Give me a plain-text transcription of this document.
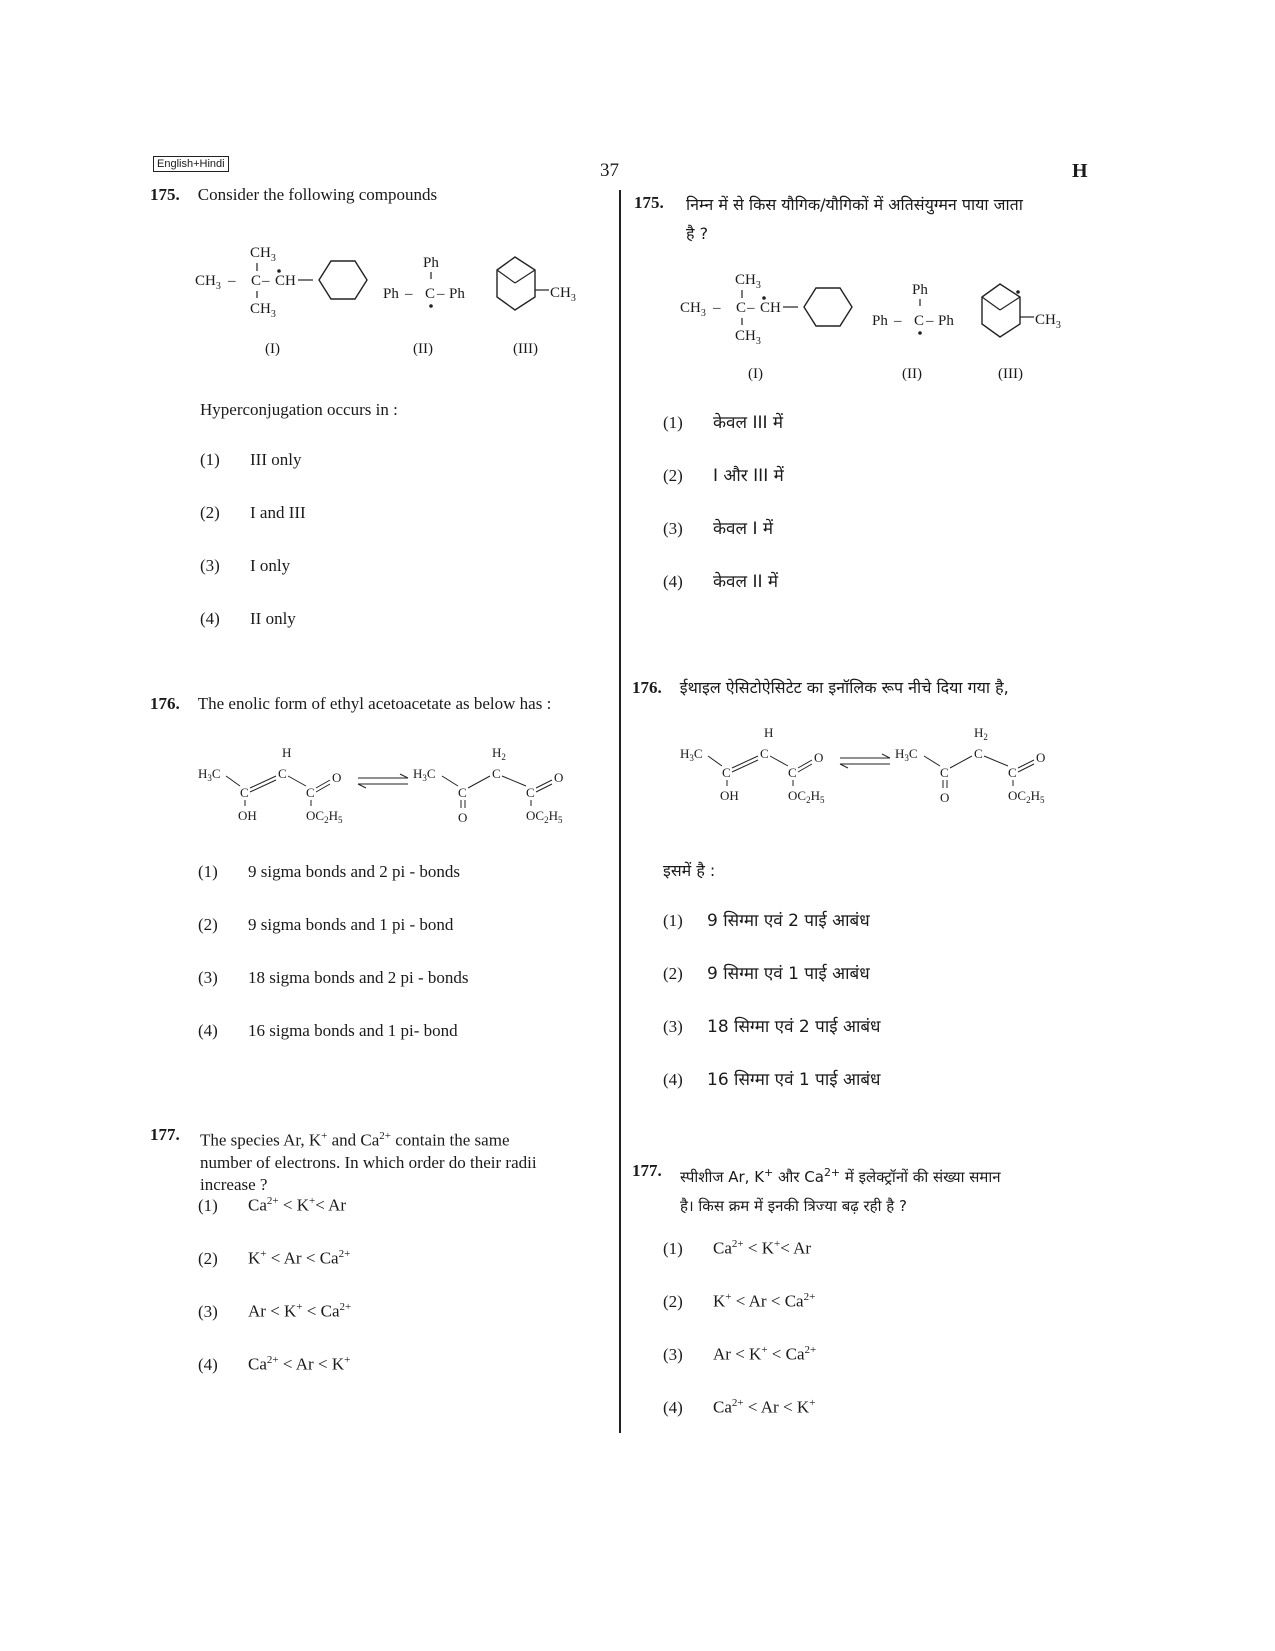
English+Hindi	37	H
175. Consider the following compounds
$CH_3$
$CH_3$ – C – CH
$CH_3$
(I)
Ph
Ph – C – Ph
(II)
$CH_3$
(III)
Hyperconjugation occurs in :
(1) III only
(2) I and III
(3) I only
(4) II only
176. The enolic form of ethyl acetoacetate as below has :
H
$H_3C$
C
C
C
O
OH	$OC_2H_5$
$H_2$
$H_3C$
C
C
C
O
O	$OC_2H_5$
(1) 9 sigma bonds and 2 pi - bonds
(2) 9 sigma bonds and 1 pi - bond
(3) 18 sigma bonds and 2 pi - bonds
(4) 16 sigma bonds and 1 pi- bond
177. The species Ar, K+ and $Ca^{2+}$ contain the same
number of electrons. In which order do their radii
increase ?
(1) $Ca^{2+} < K^+< Ar$
(2) $K^+ < Ar < Ca^{2+}$
(3) $Ar < K^+ < Ca^{2+}$
(4) $Ca^{2+} < Ar < K^+$
175. निम्न में से किस यौगिक/यौगिकों में अतिसंयुग्मन पाया जाता
है ?
$CH_3$
$CH_3$ – C – CH
$CH_3$
(I)
Ph
Ph – C – Ph
(II)
$CH_3$
(III)
(1) केवल III में
(2) I और III में
(3) केवल I में
(4) केवल II में
176. ईथाइल ऐसिटोऐसिटेट का इनॉलिक रूप नीचे दिया गया है,
H
$H_3C$
C
C
C
O
OH	$OC_2H_5$
$H_2$
$H_3C$
C
C
C
O
O	$OC_2H_5$
इसमें है :
(1) 9 सिग्मा एवं 2 पाई आबंध
(2) 9 सिग्मा एवं 1 पाई आबंध
(3) 18 सिग्मा एवं 2 पाई आबंध
(4) 16 सिग्मा एवं 1 पाई आबंध
177. स्पीशीज Ar, K+ और $Ca^{2+}$ में इलेक्ट्रॉनों की संख्या समान
है। किस क्रम में इनकी त्रिज्या बढ़ रही है ?
(1) $Ca^{2+} < K^+< Ar$
(2) $K^+ < Ar < Ca^{2+}$
(3) $Ar < K^+ < Ca^{2+}$
(4) $Ca^{2+} < Ar < K^+$
